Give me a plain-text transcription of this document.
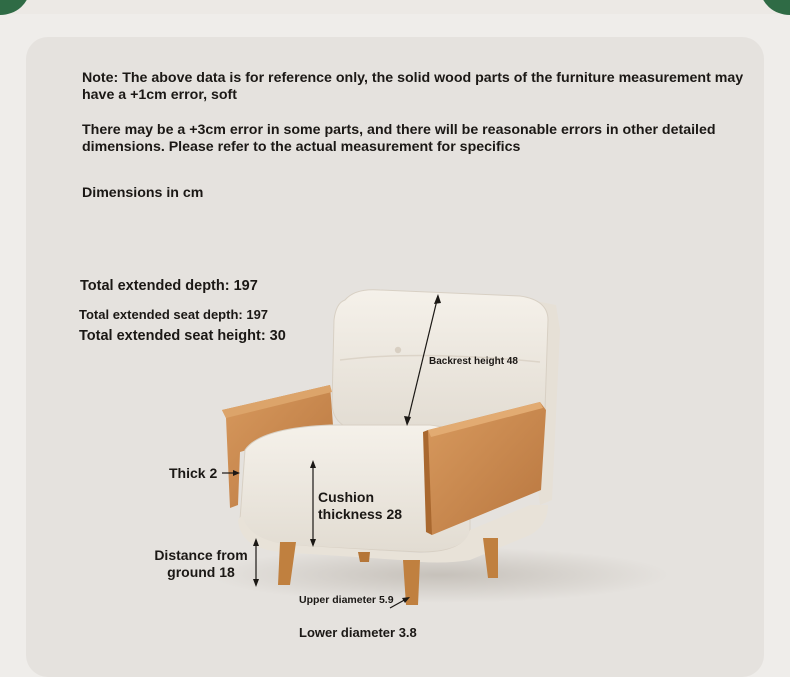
Note: The above data is for reference only, the solid wood parts of the furniture measurement may have a +1cm error, soft
There may be a +3cm error in some parts, and there will be reasonable errors in other detailed dimensions. Please refer to the actual measurement for specifics
Dimensions in cm
Total extended depth: 197
Total extended seat depth: 197
Total extended seat height: 30
Backrest height 48
Thick 2
Cushion thickness 28
Distance from ground 18
Upper diameter 5.9
Lower diameter 3.8
